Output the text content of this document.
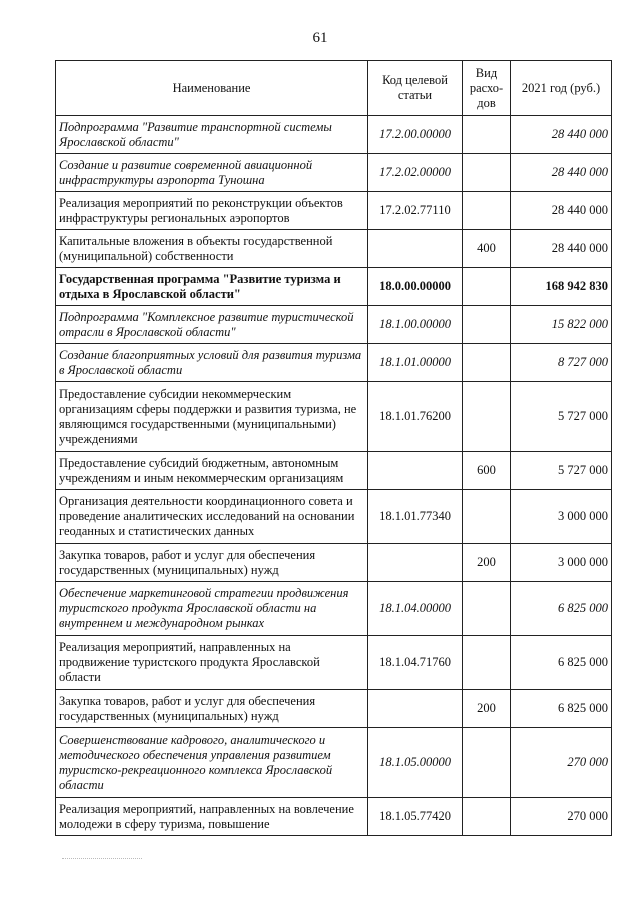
61
Наименование	Код целевой статьи	Вид расхо-дов	2021 год (руб.)
Подпрограмма "Развитие транспортной системы Ярославской области"	17.2.00.00000		28 440 000
Создание и развитие современной авиационной инфраструктуры аэропорта Туношна	17.2.02.00000		28 440 000
Реализация мероприятий по реконструкции объектов инфраструктуры региональных аэропортов	17.2.02.77110		28 440 000
Капитальные вложения в объекты государственной (муниципальной) собственности		400	28 440 000
Государственная программа "Развитие туризма и отдыха в Ярославской области"	18.0.00.00000		168 942 830
Подпрограмма "Комплексное развитие туристической отрасли в Ярославской области"	18.1.00.00000		15 822 000
Создание благоприятных условий для развития туризма в Ярославской области	18.1.01.00000		8 727 000
Предоставление субсидии некоммерческим организациям сферы поддержки и развития туризма, не являющимся государственными (муниципальными) учреждениями	18.1.01.76200		5 727 000
Предоставление субсидий бюджетным, автономным учреждениям и иным некоммерческим организациям		600	5 727 000
Организация деятельности координационного совета и проведение аналитических исследований на основании геоданных и статистических данных	18.1.01.77340		3 000 000
Закупка товаров, работ и услуг для обеспечения государственных (муниципальных) нужд		200	3 000 000
Обеспечение маркетинговой стратегии продвижения туристского продукта Ярославской области на внутреннем и международном рынках	18.1.04.00000		6 825 000
Реализация мероприятий, направленных на продвижение туристского продукта Ярославской области	18.1.04.71760		6 825 000
Закупка товаров, работ и услуг для обеспечения государственных (муниципальных) нужд		200	6 825 000
Совершенствование кадрового, аналитического и методического обеспечения управления развитием туристско-рекреационного комплекса Ярославской области	18.1.05.00000		270 000
Реализация мероприятий, направленных на вовлечение молодежи в сферу туризма, повышение	18.1.05.77420		270 000
